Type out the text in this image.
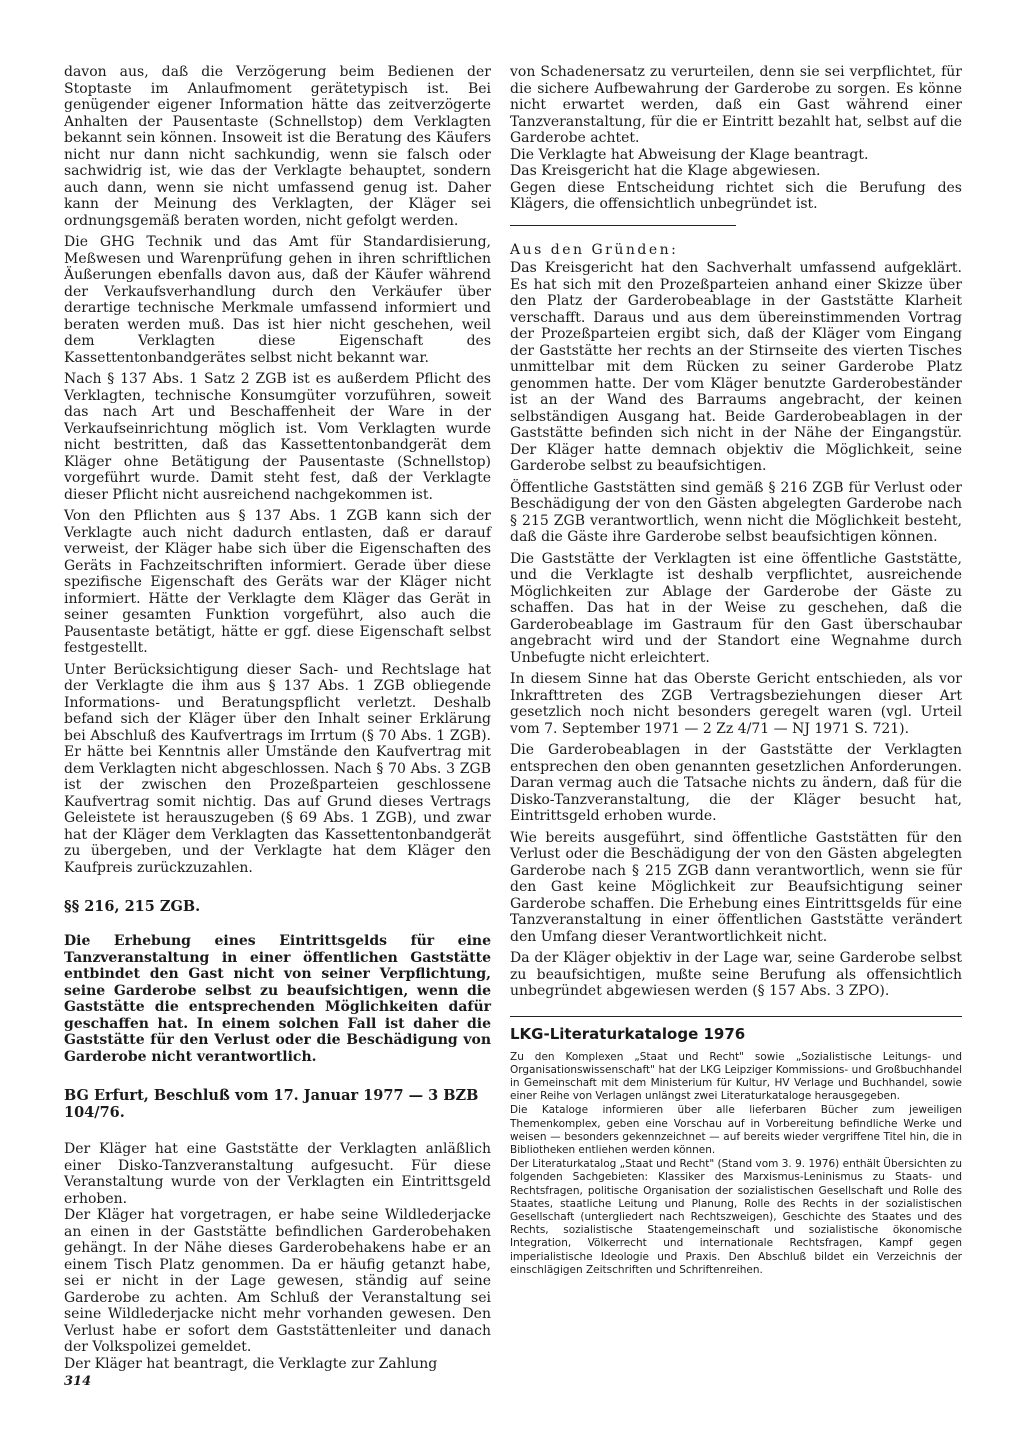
davon aus, daß die Verzögerung beim Bedienen der Stoptaste im Anlaufmoment gerätetypisch ist. Bei genügender eigener Information hätte das zeitverzögerte Anhalten der Pausentaste (Schnellstop) dem Verklagten bekannt sein können. Insoweit ist die Beratung des Käufers nicht nur dann nicht sachkundig, wenn sie falsch oder sachwidrig ist, wie das der Verklagte behauptet, sondern auch dann, wenn sie nicht umfassend genug ist. Daher kann der Meinung des Verklagten, der Kläger sei ordnungsgemäß beraten worden, nicht gefolgt werden.

Die GHG Technik und das Amt für Standardisierung, Meßwesen und Warenprüfung gehen in ihren schriftlichen Äußerungen ebenfalls davon aus, daß der Käufer während der Verkaufsverhandlung durch den Verkäufer über derartige technische Merkmale umfassend informiert und beraten werden muß. Das ist hier nicht geschehen, weil dem Verklagten diese Eigenschaft des Kassettentonbandgerätes selbst nicht bekannt war.

Nach § 137 Abs. 1 Satz 2 ZGB ist es außerdem Pflicht des Verklagten, technische Konsumgüter vorzuführen, soweit das nach Art und Beschaffenheit der Ware in der Verkaufseinrichtung möglich ist. Vom Verklagten wurde nicht bestritten, daß das Kassettentonbandgerät dem Kläger ohne Betätigung der Pausentaste (Schnellstop) vorgeführt wurde. Damit steht fest, daß der Verklagte dieser Pflicht nicht ausreichend nachgekommen ist.

Von den Pflichten aus § 137 Abs. 1 ZGB kann sich der Verklagte auch nicht dadurch entlasten, daß er darauf verweist, der Kläger habe sich über die Eigenschaften des Geräts in Fachzeitschriften informiert. Gerade über diese spezifische Eigenschaft des Geräts war der Kläger nicht informiert. Hätte der Verklagte dem Kläger das Gerät in seiner gesamten Funktion vorgeführt, also auch die Pausentaste betätigt, hätte er ggf. diese Eigenschaft selbst festgestellt.

Unter Berücksichtigung dieser Sach- und Rechtslage hat der Verklagte die ihm aus § 137 Abs. 1 ZGB obliegende Informations- und Beratungspflicht verletzt. Deshalb befand sich der Kläger über den Inhalt seiner Erklärung bei Abschluß des Kaufvertrags im Irrtum (§ 70 Abs. 1 ZGB). Er hätte bei Kenntnis aller Umstände den Kaufvertrag mit dem Verklagten nicht abgeschlossen. Nach § 70 Abs. 3 ZGB ist der zwischen den Prozeßparteien geschlossene Kaufvertrag somit nichtig. Das auf Grund dieses Vertrags Geleistete ist herauszugeben (§ 69 Abs. 1 ZGB), und zwar hat der Kläger dem Verklagten das Kassettentonbandgerät zu übergeben, und der Verklagte hat dem Kläger den Kaufpreis zurückzuzahlen.

§§ 216, 215 ZGB.

Die Erhebung eines Eintrittsgelds für eine Tanzveranstaltung in einer öffentlichen Gaststätte entbindet den Gast nicht von seiner Verpflichtung, seine Garderobe selbst zu beaufsichtigen, wenn die Gaststätte die entsprechenden Möglichkeiten dafür geschaffen hat. In einem solchen Fall ist daher die Gaststätte für den Verlust oder die Beschädigung von Garderobe nicht verantwortlich.

BG Erfurt, Beschluß vom 17. Januar 1977 — 3 BZB 104/76.

Der Kläger hat eine Gaststätte der Verklagten anläßlich einer Disko-Tanzveranstaltung aufgesucht. Für diese Veranstaltung wurde von der Verklagten ein Eintrittsgeld erhoben.

Der Kläger hat vorgetragen, er habe seine Wildlederjacke an einen in der Gaststätte befindlichen Garderobehaken gehängt. In der Nähe dieses Garderobehakens habe er an einem Tisch Platz genommen. Da er häufig getanzt habe, sei er nicht in der Lage gewesen, ständig auf seine Garderobe zu achten. Am Schluß der Veranstaltung sei seine Wildlederjacke nicht mehr vorhanden gewesen. Den Verlust habe er sofort dem Gaststättenleiter und danach der Volkspolizei gemeldet.

Der Kläger hat beantragt, die Verklagte zur Zahlung

von Schadenersatz zu verurteilen, denn sie sei verpflichtet, für die sichere Aufbewahrung der Garderobe zu sorgen. Es könne nicht erwartet werden, daß ein Gast während einer Tanzveranstaltung, für die er Eintritt bezahlt hat, selbst auf die Garderobe achtet.

Die Verklagte hat Abweisung der Klage beantragt.

Das Kreisgericht hat die Klage abgewiesen.

Gegen diese Entscheidung richtet sich die Berufung des Klägers, die offensichtlich unbegründet ist.

Aus den Gründen:

Das Kreisgericht hat den Sachverhalt umfassend aufgeklärt. Es hat sich mit den Prozeßparteien anhand einer Skizze über den Platz der Garderobeablage in der Gaststätte Klarheit verschafft. Daraus und aus dem übereinstimmenden Vortrag der Prozeßparteien ergibt sich, daß der Kläger vom Eingang der Gaststätte her rechts an der Stirnseite des vierten Tisches unmittelbar mit dem Rücken zu seiner Garderobe Platz genommen hatte. Der vom Kläger benutzte Garderobeständer ist an der Wand des Barraums angebracht, der keinen selbständigen Ausgang hat. Beide Garderobeablagen in der Gaststätte befinden sich nicht in der Nähe der Eingangstür. Der Kläger hatte demnach objektiv die Möglichkeit, seine Garderobe selbst zu beaufsichtigen.

Öffentliche Gaststätten sind gemäß § 216 ZGB für Verlust oder Beschädigung der von den Gästen abgelegten Garderobe nach § 215 ZGB verantwortlich, wenn nicht die Möglichkeit besteht, daß die Gäste ihre Garderobe selbst beaufsichtigen können.

Die Gaststätte der Verklagten ist eine öffentliche Gaststätte, und die Verklagte ist deshalb verpflichtet, ausreichende Möglichkeiten zur Ablage der Garderobe der Gäste zu schaffen. Das hat in der Weise zu geschehen, daß die Garderobeablage im Gastraum für den Gast überschaubar angebracht wird und der Standort eine Wegnahme durch Unbefugte nicht erleichtert.

In diesem Sinne hat das Oberste Gericht entschieden, als vor Inkrafttreten des ZGB Vertragsbeziehungen dieser Art gesetzlich noch nicht besonders geregelt waren (vgl. Urteil vom 7. September 1971 — 2 Zz 4/71 — NJ 1971 S. 721).

Die Garderobeablagen in der Gaststätte der Verklagten entsprechen den oben genannten gesetzlichen Anforderungen. Daran vermag auch die Tatsache nichts zu ändern, daß für die Disko-Tanzveranstaltung, die der Kläger besucht hat, Eintrittsgeld erhoben wurde.

Wie bereits ausgeführt, sind öffentliche Gaststätten für den Verlust oder die Beschädigung der von den Gästen abgelegten Garderobe nach § 215 ZGB dann verantwortlich, wenn sie für den Gast keine Möglichkeit zur Beaufsichtigung seiner Garderobe schaffen. Die Erhebung eines Eintrittsgelds für eine Tanzveranstaltung in einer öffentlichen Gaststätte verändert den Umfang dieser Verantwortlichkeit nicht.

Da der Kläger objektiv in der Lage war, seine Garderobe selbst zu beaufsichtigen, mußte seine Berufung als offensichtlich unbegründet abgewiesen werden (§ 157 Abs. 3 ZPO).

LKG-Literaturkataloge 1976

Zu den Komplexen „Staat und Recht" sowie „Sozialistische Leitungs- und Organisationswissenschaft" hat der LKG Leipziger Kommissions- und Großbuchhandel in Gemeinschaft mit dem Ministerium für Kultur, HV Verlage und Buchhandel, sowie einer Reihe von Verlagen unlängst zwei Literaturkataloge herausgegeben.

Die Kataloge informieren über alle lieferbaren Bücher zum jeweiligen Themenkomplex, geben eine Vorschau auf in Vorbereitung befindliche Werke und weisen — besonders gekennzeichnet — auf bereits wieder vergriffene Titel hin, die in Bibliotheken entliehen werden können.

Der Literaturkatalog „Staat und Recht" (Stand vom 3. 9. 1976) enthält Übersichten zu folgenden Sachgebieten: Klassiker des Marxismus-Leninismus zu Staats- und Rechtsfragen, politische Organisation der sozialistischen Gesellschaft und Rolle des Staates, staatliche Leitung und Planung, Rolle des Rechts in der sozialistischen Gesellschaft (untergliedert nach Rechtszweigen), Geschichte des Staates und des Rechts, sozialistische Staatengemeinschaft und sozialistische ökonomische Integration, Völkerrecht und internationale Rechtsfragen, Kampf gegen imperialistische Ideologie und Praxis. Den Abschluß bildet ein Verzeichnis der einschlägigen Zeitschriften und Schriftenreihen.

314
